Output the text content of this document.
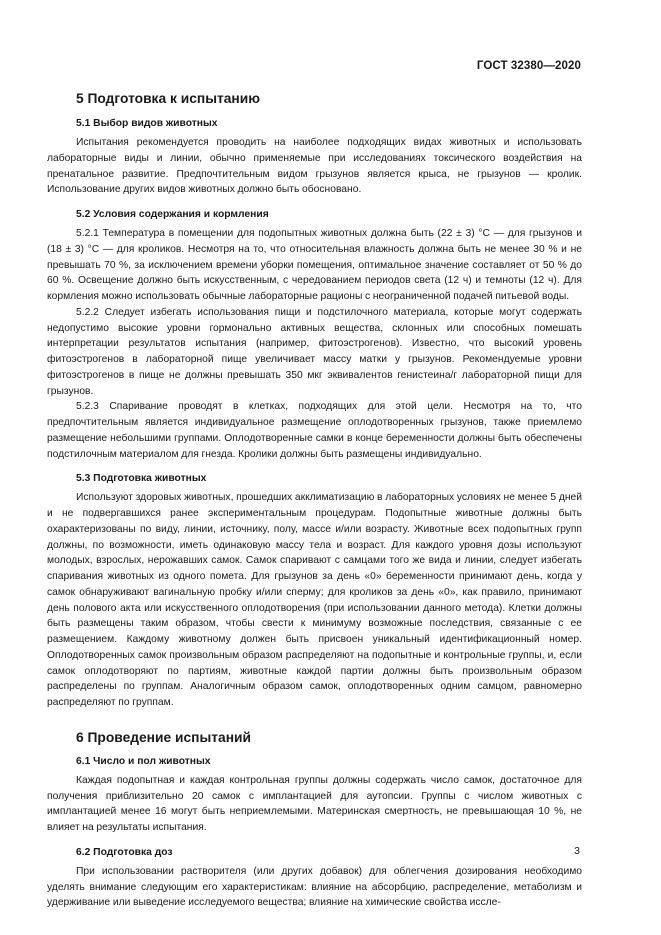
ГОСТ 32380—2020
5 Подготовка к испытанию
5.1 Выбор видов животных

Испытания рекомендуется проводить на наиболее подходящих видах животных и использовать лабораторные виды и линии, обычно применяемые при исследованиях токсического воздействия на пренатальное развитие. Предпочтительным видом грызунов является крыса, не грызунов — кролик. Использование других видов животных должно быть обосновано.

5.2 Условия содержания и кормления

5.2.1 Температура в помещении для подопытных животных должна быть (22 ± 3) °С — для грызунов и (18 ± 3) °С — для кроликов. Несмотря на то, что относительная влажность должна быть не менее 30 % и не превышать 70 %, за исключением времени уборки помещения, оптимальное значение составляет от 50 % до 60 %. Освещение должно быть искусственным, с чередованием периодов света (12 ч) и темноты (12 ч). Для кормления можно использовать обычные лабораторные рационы с неограниченной подачей питьевой воды.

5.2.2 Следует избегать использования пищи и подстилочного материала, которые могут содержать недопустимо высокие уровни гормонально активных вещества, склонных или способных помешать интерпретации результатов испытания (например, фитоэстрогенов). Известно, что высокий уровень фитоэстрогенов в лабораторной пище увеличивает массу матки у грызунов. Рекомендуемые уровни фитоэстрогенов в пище не должны превышать 350 мкг эквивалентов генистеина/г лабораторной пищи для грызунов.

5.2.3 Спаривание проводят в клетках, подходящих для этой цели. Несмотря на то, что предпочтительным является индивидуальное размещение оплодотворенных грызунов, также приемлемо размещение небольшими группами. Оплодотворенные самки в конце беременности должны быть обеспечены подстилочным материалом для гнезда. Кролики должны быть размещены индивидуально.

5.3 Подготовка животных

Используют здоровых животных, прошедших акклиматизацию в лабораторных условиях не менее 5 дней и не подвергавшихся ранее экспериментальным процедурам. Подопытные животные должны быть охарактеризованы по виду, линии, источнику, полу, массе и/или возрасту. Животные всех подопытных групп должны, по возможности, иметь одинаковую массу тела и возраст. Для каждого уровня дозы используют молодых, взрослых, нерожавших самок. Самок спаривают с самцами того же вида и линии, следует избегать спаривания животных из одного помета. Для грызунов за день «0» беременности принимают день, когда у самок обнаруживают вагинальную пробку и/или сперму; для кроликов за день «0», как правило, принимают день полового акта или искусственного оплодотворения (при использовании данного метода). Клетки должны быть размещены таким образом, чтобы свести к минимуму возможные последствия, связанные с ее размещением. Каждому животному должен быть присвоен уникальный идентификационный номер. Оплодотворенных самок произвольным образом распределяют на подопытные и контрольные группы, и, если самок оплодотворяют по партиям, животные каждой партии должны быть произвольным образом распределены по группам. Аналогичным образом самок, оплодотворенных одним самцом, равномерно распределяют по группам.

6 Проведение испытаний
6.1 Число и пол животных

Каждая подопытная и каждая контрольная группы должны содержать число самок, достаточное для получения приблизительно 20 самок с имплантацией для аутопсии. Группы с числом животных с имплантацией менее 16 могут быть неприемлемыми. Материнская смертность, не превышающая 10 %, не влияет на результаты испытания.

6.2 Подготовка доз

При использовании растворителя (или других добавок) для облегчения дозирования необходимо уделять внимание следующим его характеристикам: влияние на абсорбцию, распределение, метаболизм и удерживание или выведение исследуемого вещества; влияние на химические свойства иссле-

3
